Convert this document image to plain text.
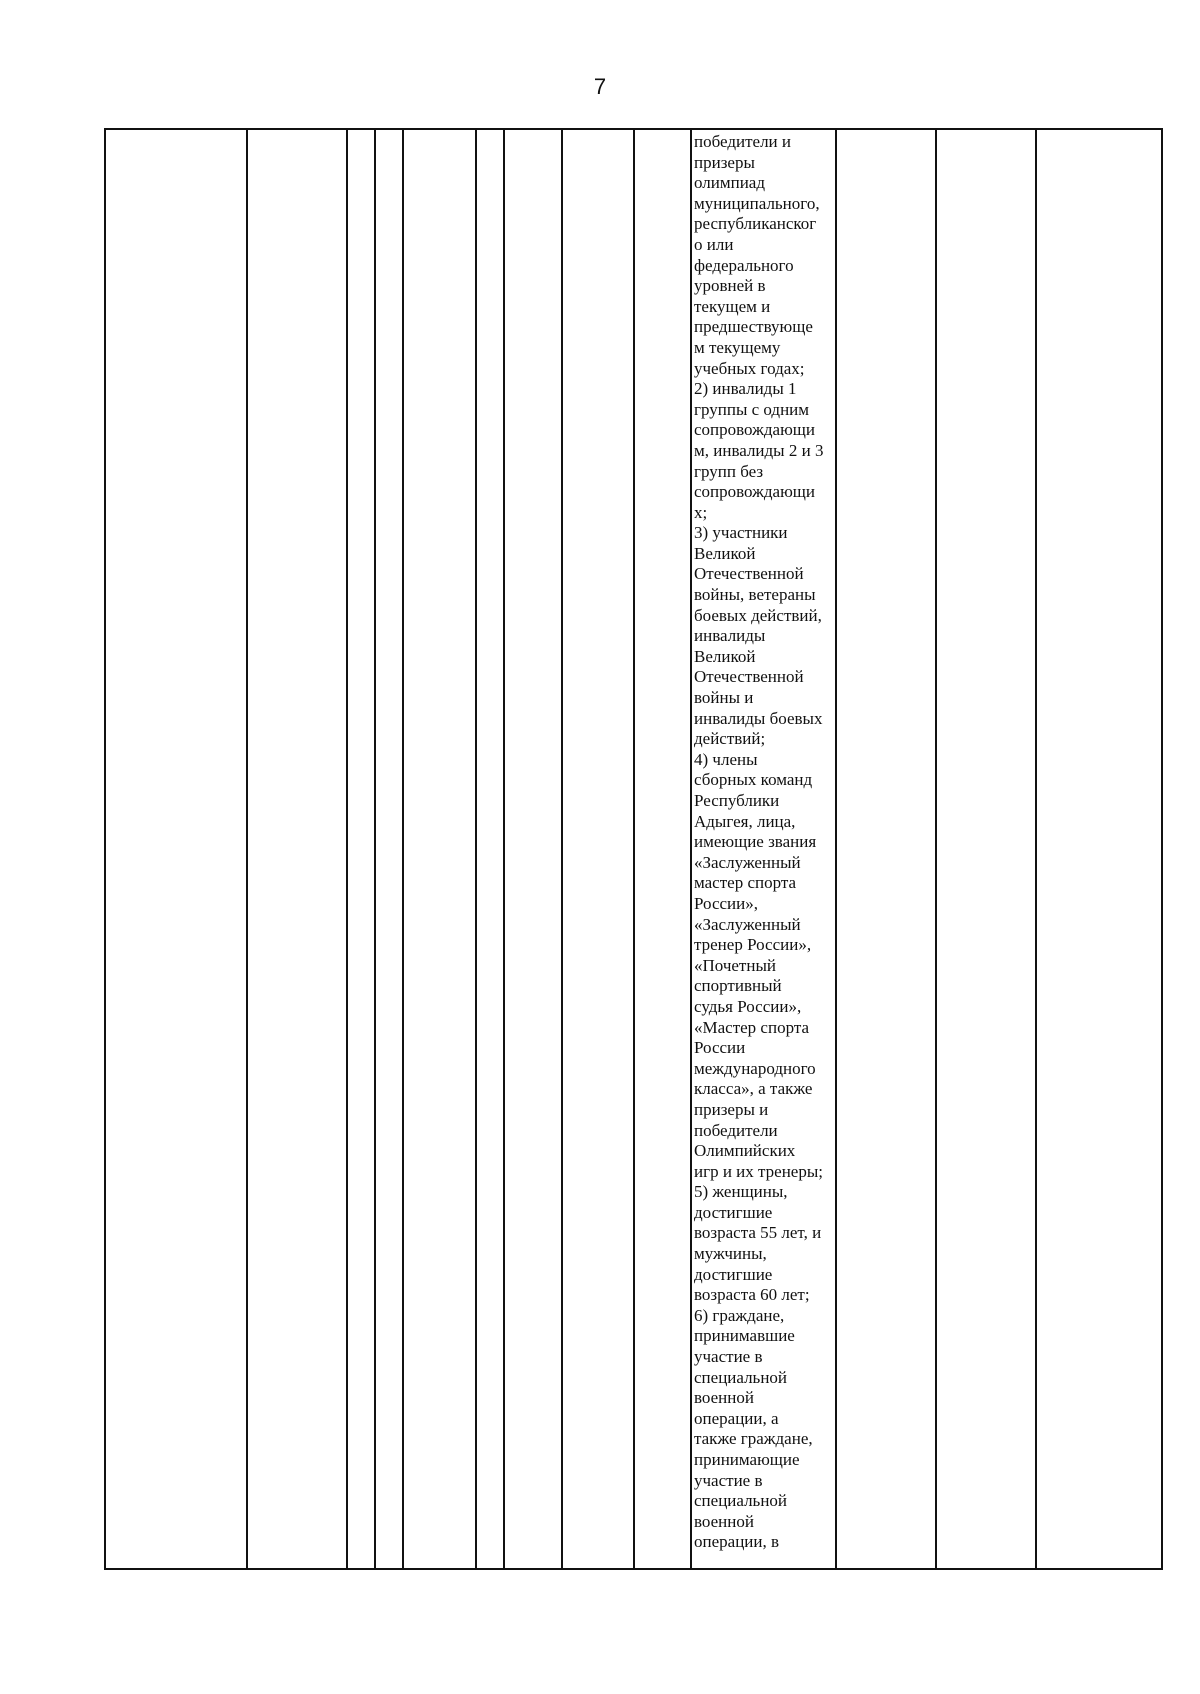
7
победители и
призеры
олимпиад
муниципального,
республиканског
о или
федерального
уровней в
текущем и
предшествующе
м текущему
учебных годах;
2) инвалиды 1
группы с одним
сопровождающи
м, инвалиды 2 и 3
групп без
сопровождающи
х;
3) участники
Великой
Отечественной
войны, ветераны
боевых действий,
инвалиды
Великой
Отечественной
войны и
инвалиды боевых
действий;
4) члены
сборных команд
Республики
Адыгея, лица,
имеющие звания
«Заслуженный
мастер спорта
России»,
«Заслуженный
тренер России»,
«Почетный
спортивный
судья России»,
«Мастер спорта
России
международного
класса», а также
призеры и
победители
Олимпийских
игр и их тренеры;
5) женщины,
достигшие
возраста 55 лет, и
мужчины,
достигшие
возраста 60 лет;
6) граждане,
принимавшие
участие в
специальной
военной
операции, а
также граждане,
принимающие
участие в
специальной
военной
операции, в
